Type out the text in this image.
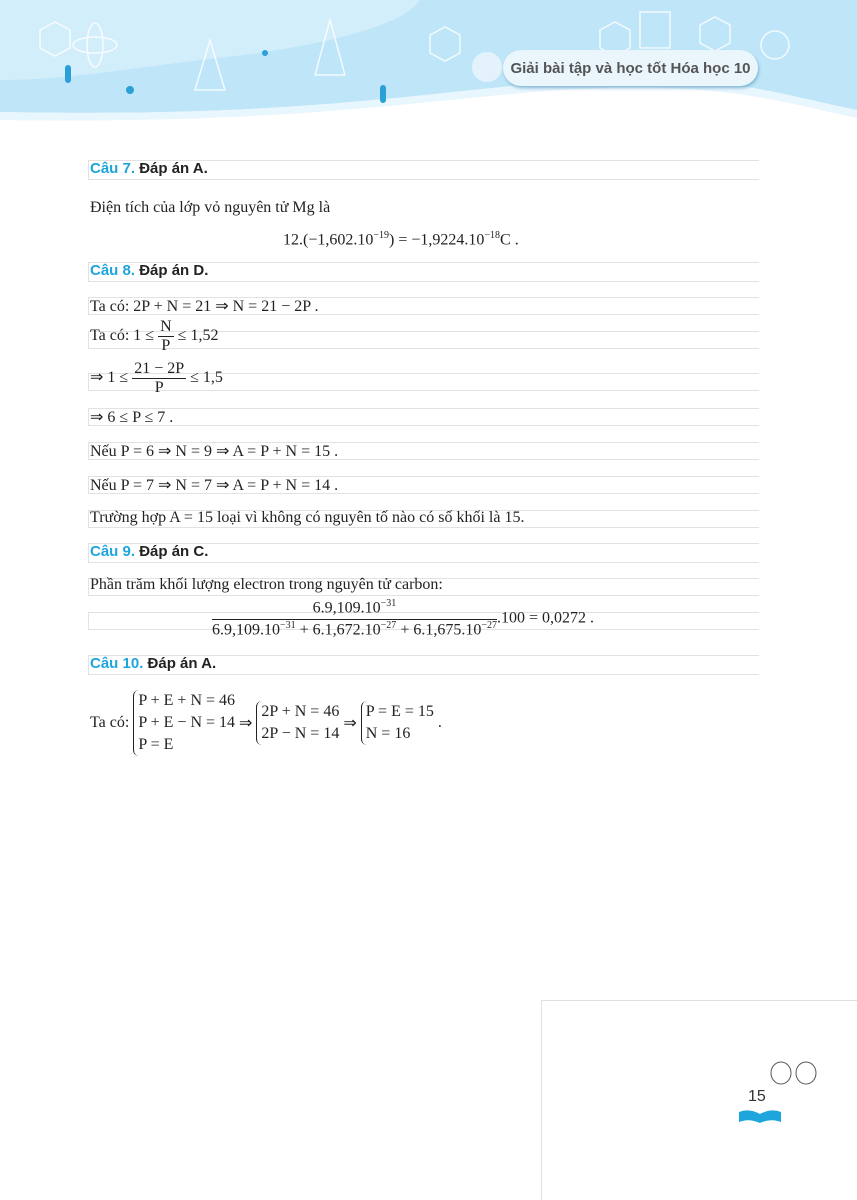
Giải bài tập và học tốt Hóa học 10
Câu 7. Đáp án A.
Điện tích của lớp vỏ nguyên tử Mg là
$12.(-1,602.10^{-19}) = -1,9224.10^{-18}C$ .
Câu 8. Đáp án D.
Ta có: 2P + N = 21 ⇒ N = 21 − 2P .
Ta có: $1 \le \frac{N}{P} \le 1,52$
⇒ $1 \le \frac{21 - 2P}{P} \le 1,5$
⇒ 6 ≤ P ≤ 7 .
Nếu P = 6 ⇒ N = 9 ⇒ A = P + N = 15 .
Nếu P = 7 ⇒ N = 7 ⇒ A = P + N = 14 .
Trường hợp A = 15 loại vì không có nguyên tố nào có số khối là 15.
Câu 9. Đáp án C.
Phần trăm khối lượng electron trong nguyên tử carbon:
$\frac{6.9,109.10^{-31}}{6.9,109.10^{-31} + 6.1,672.10^{-27} + 6.1,675.10^{-27}} .100 = 0,0272$ .
Câu 10. Đáp án A.
Ta có:
P + E + N = 46
P + E − N = 14
P = E
⇒
2P + N = 46
2P − N = 14
⇒
P = E = 15
N = 16
.
15
